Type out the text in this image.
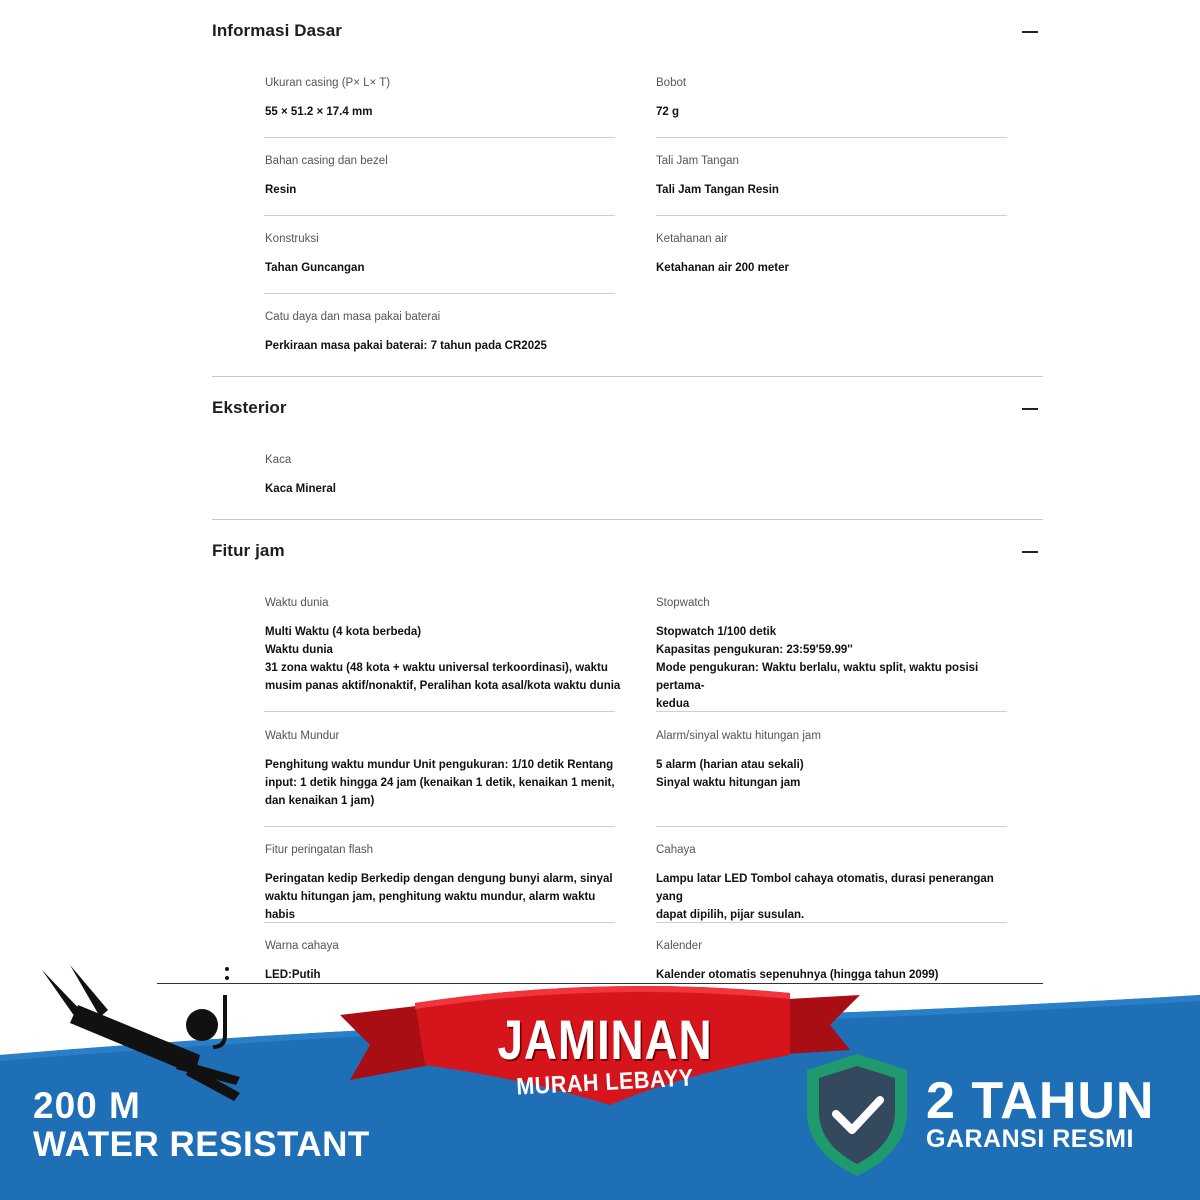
Informasi Dasar
Ukuran casing (P× L× T)
55 × 51.2 × 17.4 mm
Bobot
72 g
Bahan casing dan bezel
Resin
Tali Jam Tangan
Tali Jam Tangan Resin
Konstruksi
Tahan Guncangan
Ketahanan air
Ketahanan air 200 meter
Catu daya dan masa pakai baterai
Perkiraan masa pakai baterai: 7 tahun pada CR2025
Eksterior
Kaca
Kaca Mineral
Fitur jam
Waktu dunia
Multi Waktu (4 kota berbeda)
Waktu dunia
31 zona waktu (48 kota + waktu universal terkoordinasi), waktu
musim panas aktif/nonaktif, Peralihan kota asal/kota waktu dunia
Stopwatch
Stopwatch 1/100 detik
Kapasitas pengukuran: 23:59'59.99''
Mode pengukuran: Waktu berlalu, waktu split, waktu posisi pertama-
kedua
Waktu Mundur
Penghitung waktu mundur Unit pengukuran: 1/10 detik Rentang
input: 1 detik hingga 24 jam (kenaikan 1 detik, kenaikan 1 menit,
dan kenaikan 1 jam)
Alarm/sinyal waktu hitungan jam
5 alarm (harian atau sekali)
Sinyal waktu hitungan jam
Fitur peringatan flash
Peringatan kedip Berkedip dengan dengung bunyi alarm, sinyal
waktu hitungan jam, penghitung waktu mundur, alarm waktu habis
Cahaya
Lampu latar LED Tombol cahaya otomatis, durasi penerangan yang
dapat dipilih, pijar susulan.
Warna cahaya
LED:Putih
Kalender
Kalender otomatis sepenuhnya (hingga tahun 2099)
200 M
WATER RESISTANT
JAMINAN
MURAH LEBAYY	2 TAHUN
GARANSI RESMI
